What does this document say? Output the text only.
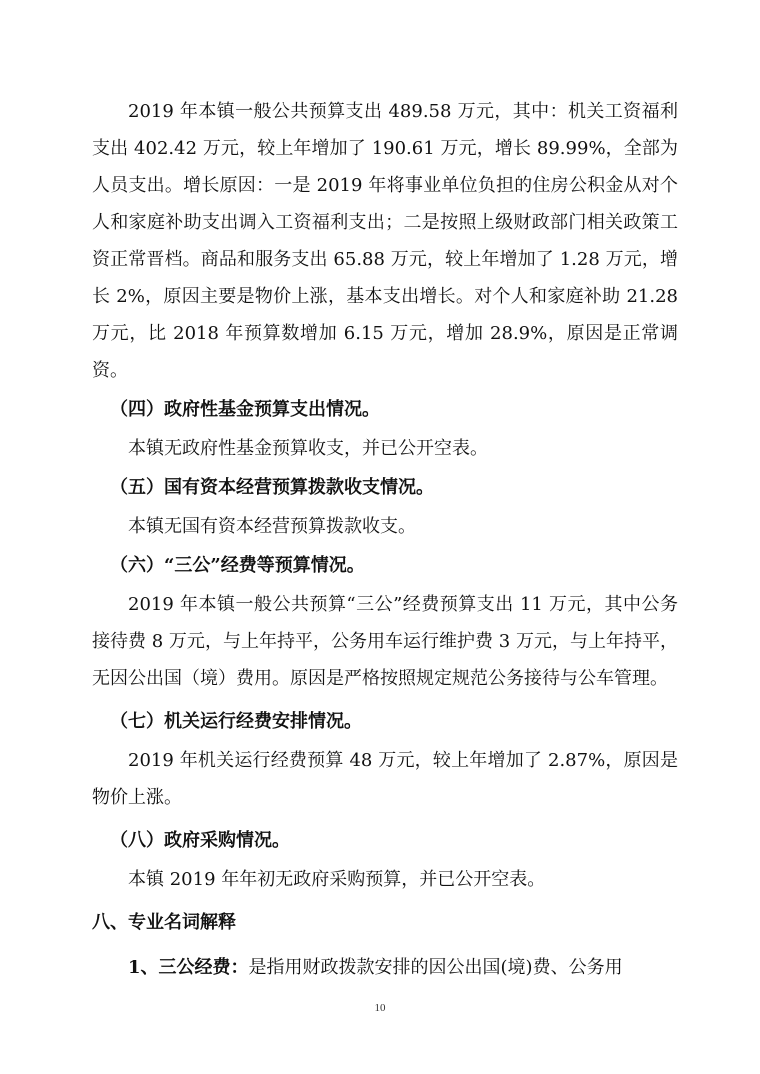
2019 年本镇一般公共预算支出 489.58 万元，其中：机关工资福利支出 402.42 万元，较上年增加了 190.61 万元，增长 89.99%，全部为人员支出。增长原因：一是 2019 年将事业单位负担的住房公积金从对个人和家庭补助支出调入工资福利支出；二是按照上级财政部门相关政策工资正常晋档。商品和服务支出 65.88 万元，较上年增加了 1.28 万元，增长 2%，原因主要是物价上涨，基本支出增长。对个人和家庭补助 21.28 万元，比 2018 年预算数增加 6.15 万元，增加 28.9%，原因是正常调资。

（四）政府性基金预算支出情况。
本镇无政府性基金预算收支，并已公开空表。
（五）国有资本经营预算拨款收支情况。
本镇无国有资本经营预算拨款收支。
（六）“三公”经费等预算情况。

2019 年本镇一般公共预算“三公”经费预算支出 11 万元，其中公务接待费 8 万元，与上年持平，公务用车运行维护费 3 万元，与上年持平，无因公出国（境）费用。原因是严格按照规定规范公务接待与公车管理。

（七）机关运行经费安排情况。

2019 年机关运行经费预算 48 万元，较上年增加了 2.87%，原因是物价上涨。

（八）政府采购情况。
本镇 2019 年年初无政府采购预算，并已公开空表。
八、专业名词解释
1、三公经费：是指用财政拨款安排的因公出国(境)费、公务用
10
